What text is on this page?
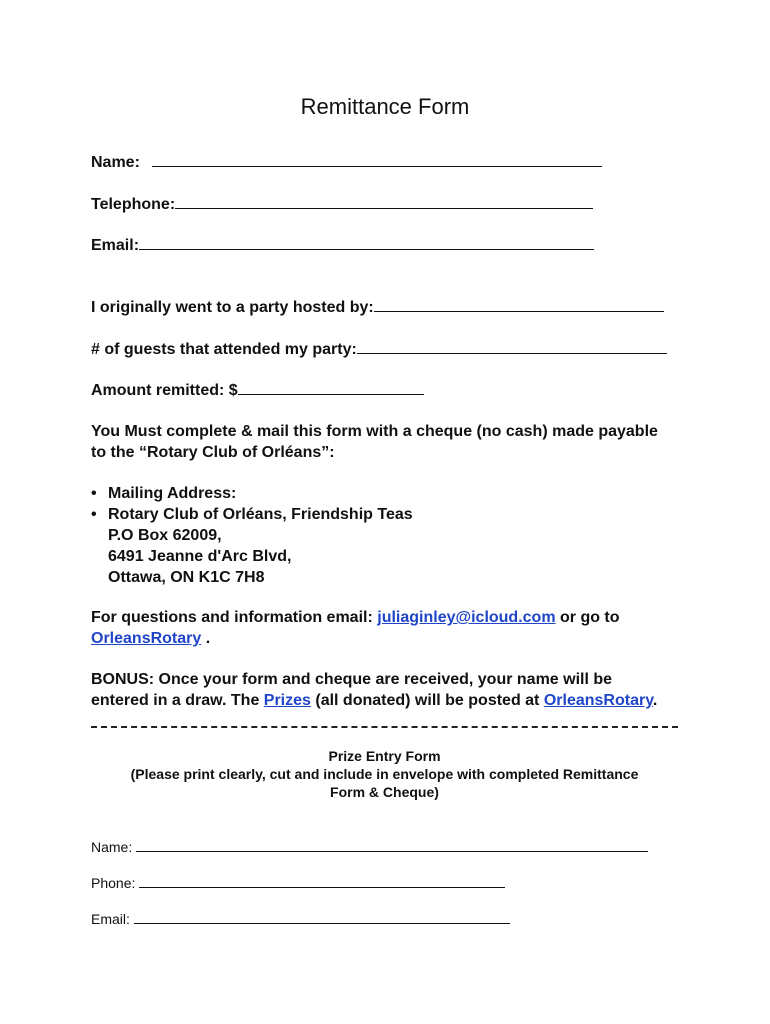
Remittance Form
Name:
Telephone:
Email:
I originally went to a party hosted by:
# of guests that attended my party:
Amount remitted: $
You Must complete & mail this form with a cheque (no cash) made payable
to the “Rotary Club of Orléans”:
• Mailing Address:
• Rotary Club of Orléans, Friendship Teas
P.O Box 62009,
6491 Jeanne d'Arc Blvd,
Ottawa, ON K1C 7H8
For questions and information email: juliaginley@icloud.com or go to
OrleansRotary .
BONUS: Once your form and cheque are received, your name will be
entered in a draw. The Prizes (all donated) will be posted at OrleansRotary.
Prize Entry Form
(Please print clearly, cut and include in envelope with completed Remittance
Form & Cheque)
Name:
Phone:
Email:
